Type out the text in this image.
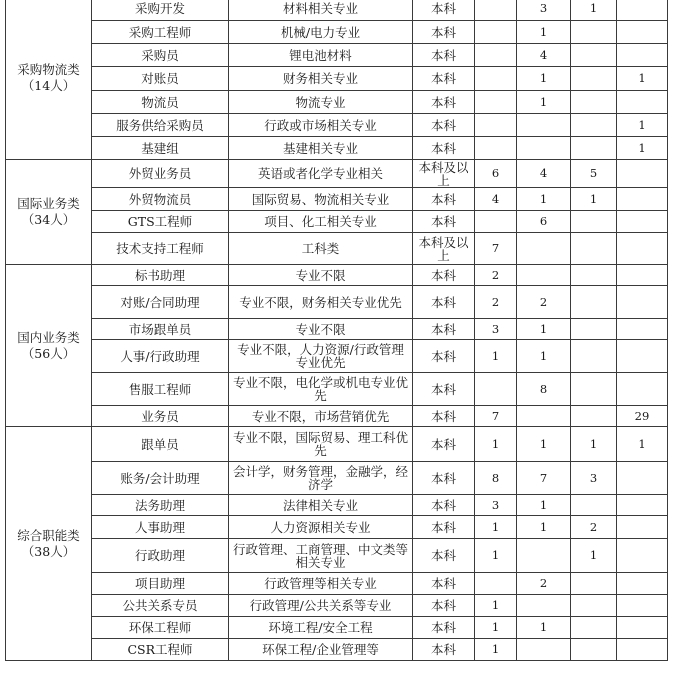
采购物流类
（14人）	采购开发	材料相关专业	本科		3	1	
	采购工程师	机械/电力专业	本科		1		
	采购员	锂电池材料	本科		4		
	对账员	财务相关专业	本科		1		1
	物流员	物流专业	本科		1		
	服务供给采购员	行政或市场相关专业	本科				1
	基建组	基建相关专业	本科				1

国际业务类
（34人）	外贸业务员	英语或者化学专业相关	本科及以上	6	4	5	
	外贸物流员	国际贸易、物流相关专业	本科	4	1	1	
	GTS工程师	项目、化工相关专业	本科		6		
	技术支持工程师	工科类	本科及以上	7			

国内业务类
（56人）	标书助理	专业不限	本科	2			
	对账/合同助理	专业不限，财务相关专业优先	本科	2	2		
	市场跟单员	专业不限	本科	3	1		
	人事/行政助理	专业不限，人力资源/行政管理专业优先	本科	1	1		
	售服工程师	专业不限，电化学或机电专业优先	本科		8		
	业务员	专业不限，市场营销优先	本科	7			29

综合职能类
（38人）	跟单员	专业不限，国际贸易、理工科优先	本科	1	1	1	1
	账务/会计助理	会计学，财务管理，金融学，经济学	本科	8	7	3	
	法务助理	法律相关专业	本科	3	1		
	人事助理	人力资源相关专业	本科	1	1	2	
	行政助理	行政管理、工商管理、中文类等相关专业	本科	1		1	
	项目助理	行政管理等相关专业	本科		2		
	公共关系专员	行政管理/公共关系等专业	本科	1			
	环保工程师	环境工程/安全工程	本科	1	1		
	CSR工程师	环保工程/企业管理等	本科	1			
